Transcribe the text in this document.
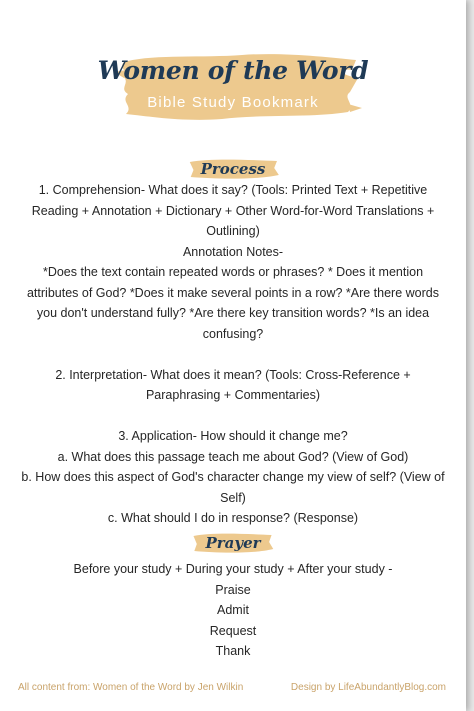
Women of the Word
Bible Study Bookmark
Process

1. Comprehension- What does it say? (Tools: Printed Text + Repetitive Reading + Annotation + Dictionary + Other Word-for-Word Translations + Outlining)

Annotation Notes-

*Does the text contain repeated words or phrases? * Does it mention attributes of God? *Does it make several points in a row? *Are there words you don't understand fully? *Are there key transition words? *Is an idea confusing?

2. Interpretation- What does it mean? (Tools: Cross-Reference + Paraphrasing + Commentaries)

3. Application- How should it change me?

a. What does this passage teach me about God? (View of God)

b. How does this aspect of God's character change my view of self? (View of Self)

c. What should I do in response? (Response)

Prayer

Before your study + During your study + After your study -

Praise

Admit

Request

Thank

All content from: Women of the Word by Jen Wilkin	Design by LifeAbundantlyBlog.com
